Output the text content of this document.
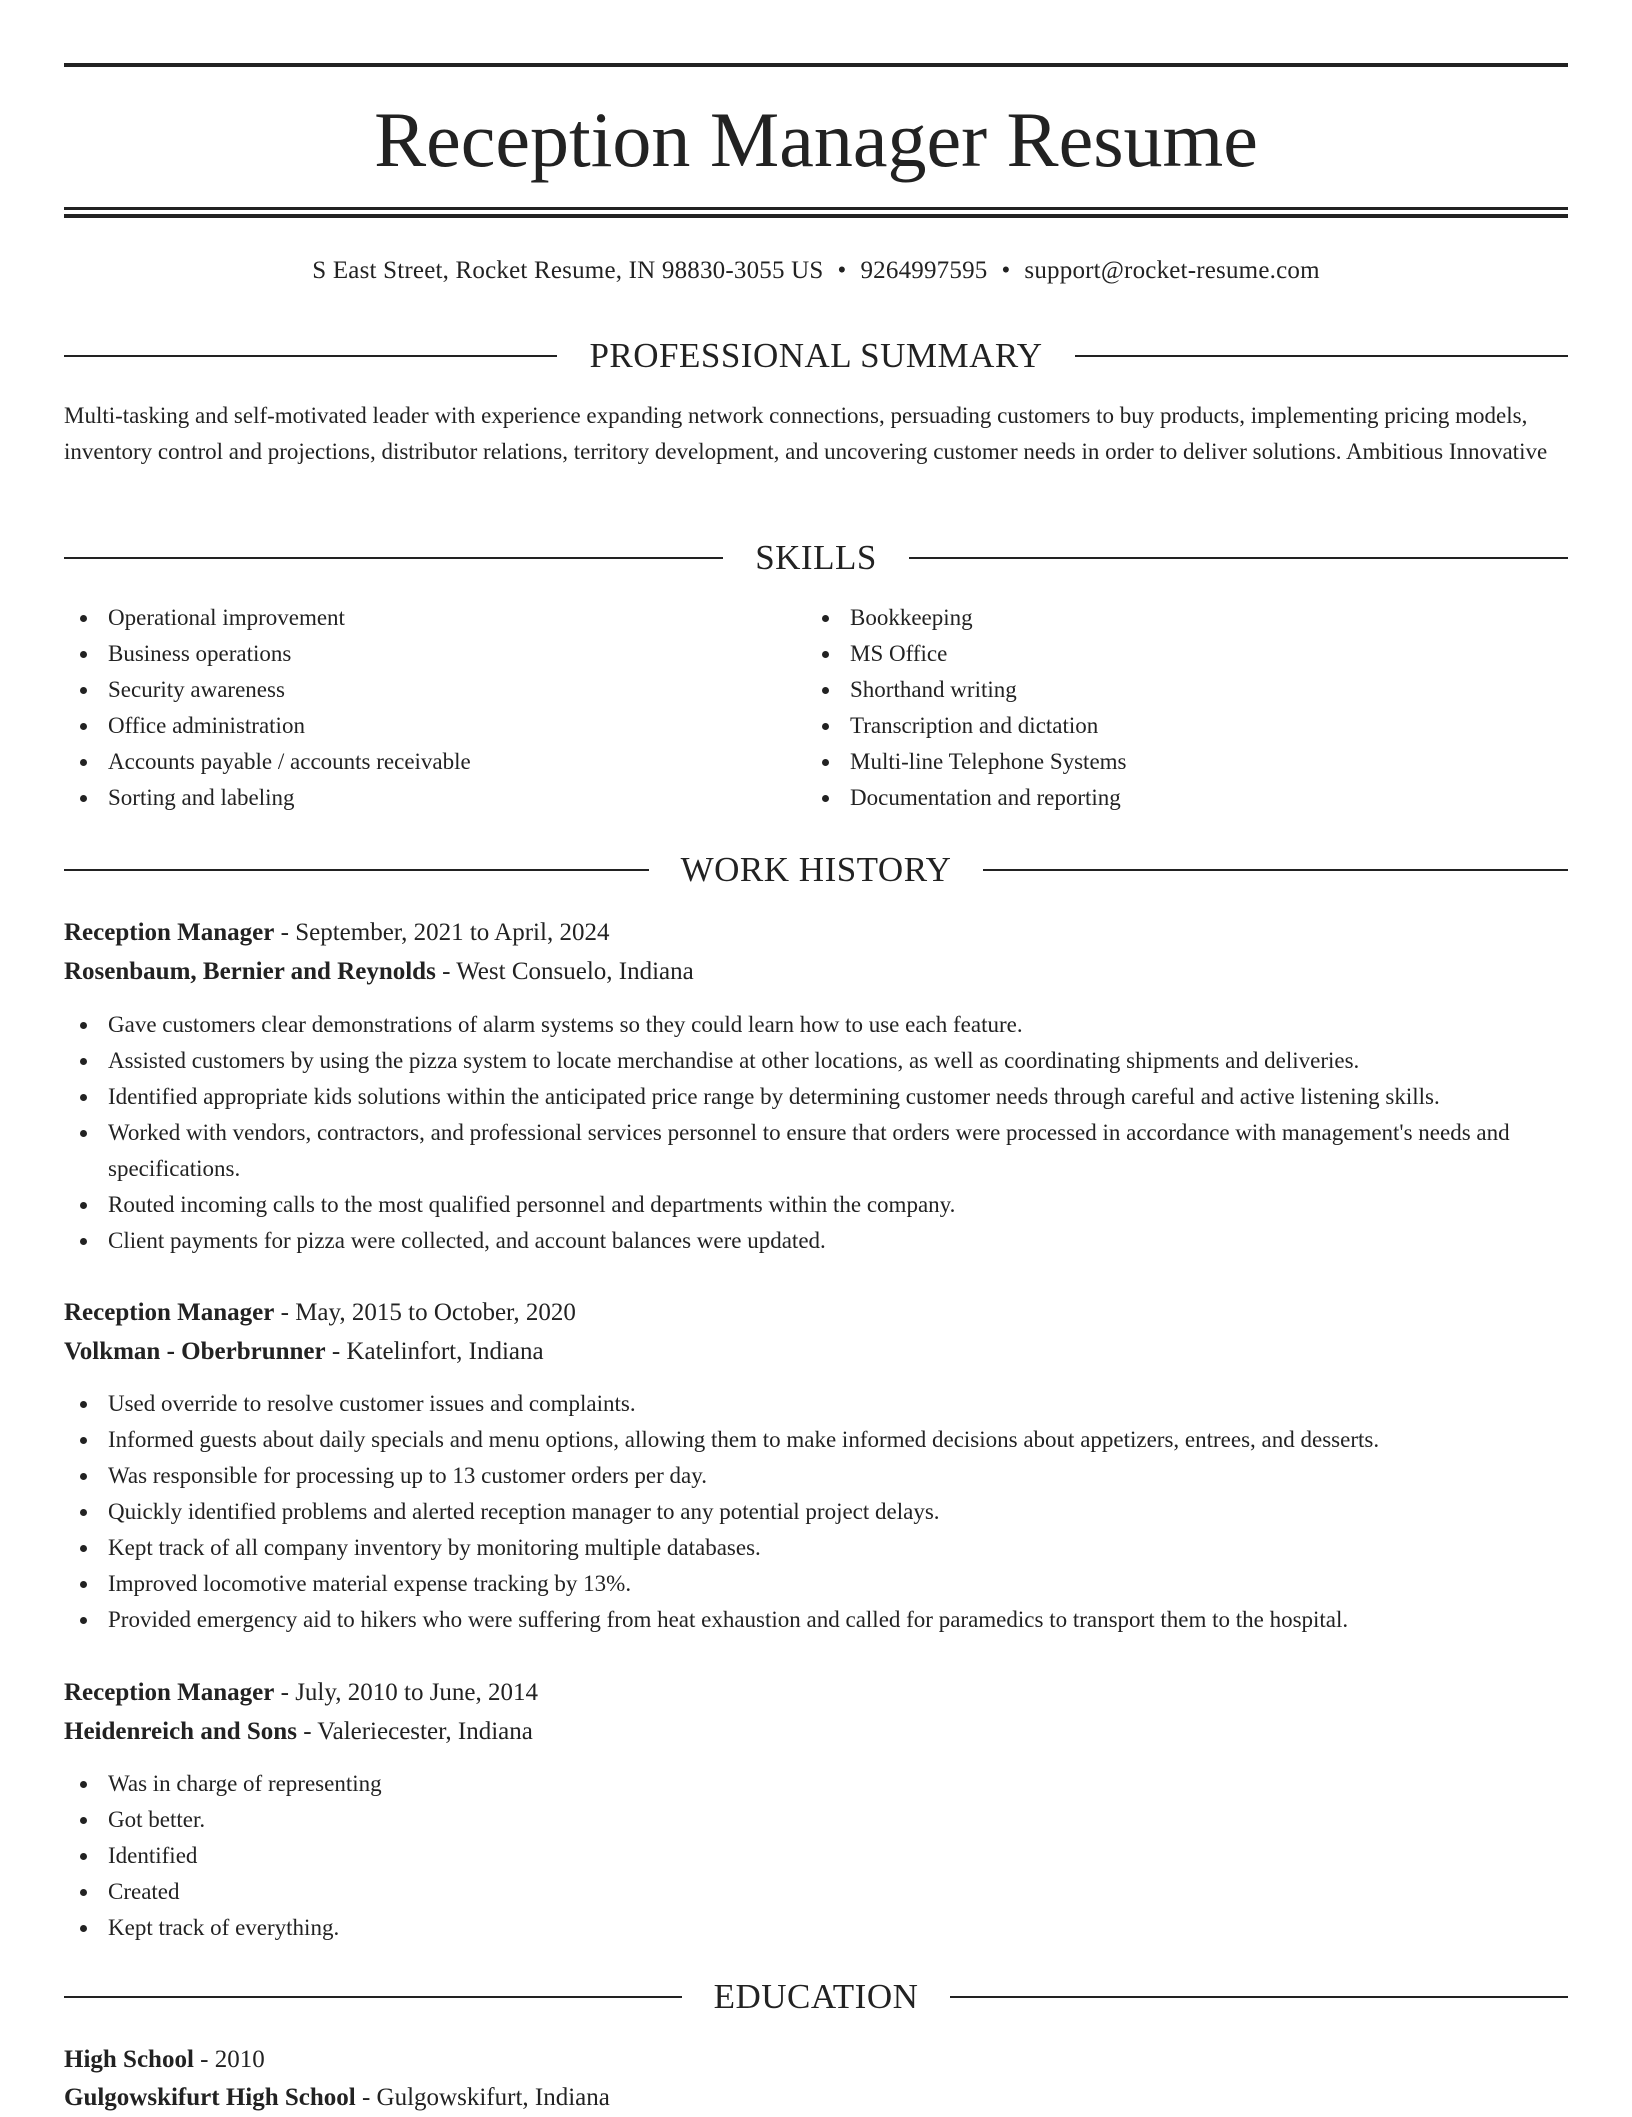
Reception Manager Resume
S East Street, Rocket Resume, IN 98830-3055 US • 9264997595 • support@rocket-resume.com
PROFESSIONAL SUMMARY

Multi-tasking and self-motivated leader with experience expanding network connections, persuading customers to buy products, implementing pricing models, inventory control and projections, distributor relations, territory development, and uncovering customer needs in order to deliver solutions. Ambitious Innovative

SKILLS
Operational improvement
Business operations
Security awareness
Office administration
Accounts payable / accounts receivable
Sorting and labeling
Bookkeeping
MS Office
Shorthand writing
Transcription and dictation
Multi-line Telephone Systems
Documentation and reporting
WORK HISTORY

Reception Manager - September, 2021 to April, 2024

Rosenbaum, Bernier and Reynolds - West Consuelo, Indiana

Gave customers clear demonstrations of alarm systems so they could learn how to use each feature.
Assisted customers by using the pizza system to locate merchandise at other locations, as well as coordinating shipments and deliveries.
Identified appropriate kids solutions within the anticipated price range by determining customer needs through careful and active listening skills.
Worked with vendors, contractors, and professional services personnel to ensure that orders were processed in accordance with management's needs and specifications.
Routed incoming calls to the most qualified personnel and departments within the company.
Client payments for pizza were collected, and account balances were updated.

Reception Manager - May, 2015 to October, 2020

Volkman - Oberbrunner - Katelinfort, Indiana

Used override to resolve customer issues and complaints.
Informed guests about daily specials and menu options, allowing them to make informed decisions about appetizers, entrees, and desserts.
Was responsible for processing up to 13 customer orders per day.
Quickly identified problems and alerted reception manager to any potential project delays.
Kept track of all company inventory by monitoring multiple databases.
Improved locomotive material expense tracking by 13%.
Provided emergency aid to hikers who were suffering from heat exhaustion and called for paramedics to transport them to the hospital.

Reception Manager - July, 2010 to June, 2014

Heidenreich and Sons - Valeriecester, Indiana

Was in charge of representing
Got better.
Identified
Created
Kept track of everything.
EDUCATION

High School - 2010

Gulgowskifurt High School - Gulgowskifurt, Indiana
